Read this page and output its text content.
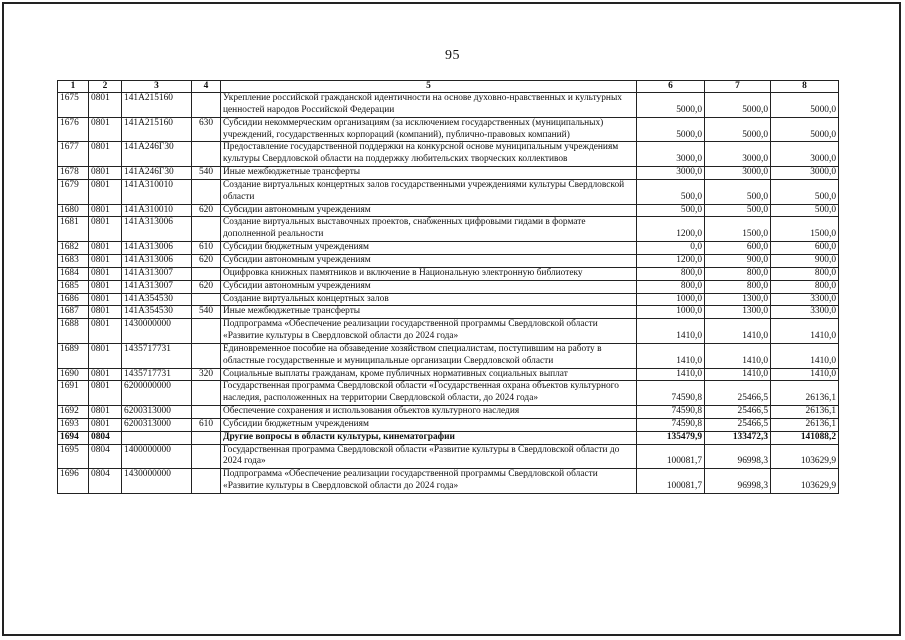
95
1	2	3	4	5	6	7	8
1675	0801	141A215160		Укрепление российской гражданской идентичности на основе духовно-нравственных и культурных ценностей народов Российской Федерации	5000,0	5000,0	5000,0
1676	0801	141A215160	630	Субсидии некоммерческим организациям (за исключением государственных (муниципальных) учреждений, государственных корпораций (компаний), публично-правовых компаний)	5000,0	5000,0	5000,0
1677	0801	141A246Г30		Предоставление государственной поддержки на конкурсной основе муниципальным учреждениям культуры Свердловской области на поддержку любительских творческих коллективов	3000,0	3000,0	3000,0
1678	0801	141A246Г30	540	Иные межбюджетные трансферты	3000,0	3000,0	3000,0
1679	0801	141A310010		Создание виртуальных концертных залов государственными учреждениями культуры Свердловской области	500,0	500,0	500,0
1680	0801	141A310010	620	Субсидии автономным учреждениям	500,0	500,0	500,0
1681	0801	141A313006		Создание виртуальных выставочных проектов, снабженных цифровыми гидами в формате дополненной реальности	1200,0	1500,0	1500,0
1682	0801	141A313006	610	Субсидии бюджетным учреждениям	0,0	600,0	600,0
1683	0801	141A313006	620	Субсидии автономным учреждениям	1200,0	900,0	900,0
1684	0801	141A313007		Оцифровка книжных памятников и включение в Национальную электронную библиотеку	800,0	800,0	800,0
1685	0801	141A313007	620	Субсидии автономным учреждениям	800,0	800,0	800,0
1686	0801	141A354530		Создание виртуальных концертных залов	1000,0	1300,0	3300,0
1687	0801	141A354530	540	Иные межбюджетные трансферты	1000,0	1300,0	3300,0
1688	0801	1430000000		Подпрограмма «Обеспечение реализации государственной программы Свердловской области «Развитие культуры в Свердловской области до 2024 года»	1410,0	1410,0	1410,0
1689	0801	1435717731		Единовременное пособие на обзаведение хозяйством специалистам, поступившим на работу в областные государственные и муниципальные организации Свердловской области	1410,0	1410,0	1410,0
1690	0801	1435717731	320	Социальные выплаты гражданам, кроме публичных нормативных социальных выплат	1410,0	1410,0	1410,0
1691	0801	6200000000		Государственная программа Свердловской области «Государственная охрана объектов культурного наследия, расположенных на территории Свердловской области, до 2024 года»	74590,8	25466,5	26136,1
1692	0801	6200313000		Обеспечение сохранения и использования объектов культурного наследия	74590,8	25466,5	26136,1
1693	0801	6200313000	610	Субсидии бюджетным учреждениям	74590,8	25466,5	26136,1
1694	0804			Другие вопросы в области культуры, кинематографии	135479,9	133472,3	141088,2
1695	0804	1400000000		Государственная программа Свердловской области «Развитие культуры в Свердловской области до 2024 года»	100081,7	96998,3	103629,9
1696	0804	1430000000		Подпрограмма «Обеспечение реализации государственной программы Свердловской области «Развитие культуры в Свердловской области до 2024 года»	100081,7	96998,3	103629,9
